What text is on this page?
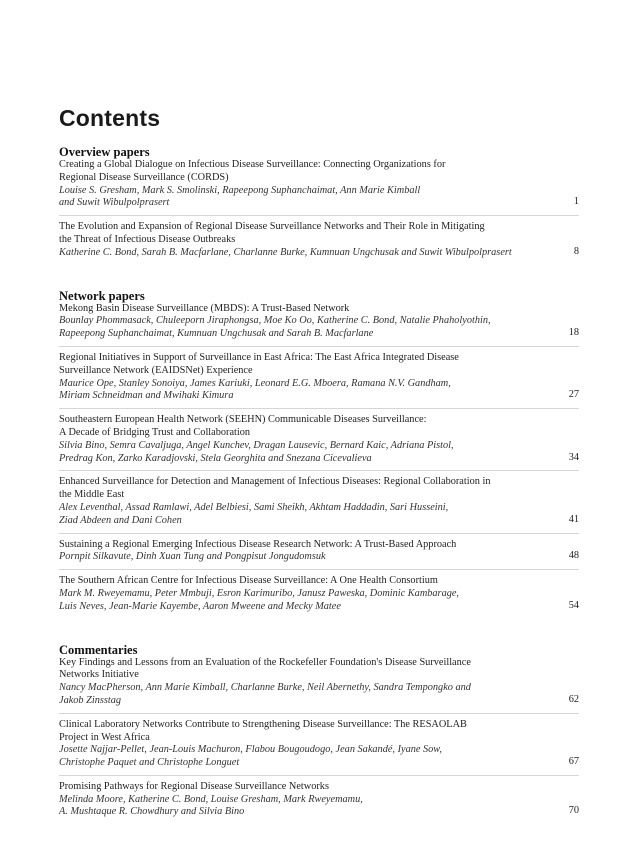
Contents
Overview papers

Creating a Global Dialogue on Infectious Disease Surveillance: Connecting Organizations for
Regional Disease Surveillance (CORDS)

Louise S. Gresham, Mark S. Smolinski, Rapeepong Suphanchaimat, Ann Marie Kimball
and Suwit Wibulpolprasert	1

The Evolution and Expansion of Regional Disease Surveillance Networks and Their Role in Mitigating
the Threat of Infectious Disease Outbreaks

Katherine C. Bond, Sarah B. Macfarlane, Charlanne Burke, Kumnuan Ungchusak and Suwit Wibulpolprasert	8
Network papers

Mekong Basin Disease Surveillance (MBDS): A Trust-Based Network

Bounlay Phommasack, Chuleeporn Jiraphongsa, Moe Ko Oo, Katherine C. Bond, Natalie Phaholyothin,
Rapeepong Suphanchaimat, Kumnuan Ungchusak and Sarah B. Macfarlane	18

Regional Initiatives in Support of Surveillance in East Africa: The East Africa Integrated Disease
Surveillance Network (EAIDSNet) Experience

Maurice Ope, Stanley Sonoiya, James Kariuki, Leonard E.G. Mboera, Ramana N.V. Gandham,
Miriam Schneidman and Mwihaki Kimura	27

Southeastern European Health Network (SEEHN) Communicable Diseases Surveillance:
A Decade of Bridging Trust and Collaboration

Silvia Bino, Semra Cavaljuga, Angel Kunchev, Dragan Lausevic, Bernard Kaic, Adriana Pistol,
Predrag Kon, Zarko Karadjovski, Stela Georghita and Snezana Cicevalieva	34

Enhanced Surveillance for Detection and Management of Infectious Diseases: Regional Collaboration in
the Middle East

Alex Leventhal, Assad Ramlawi, Adel Belbiesi, Sami Sheikh, Akhtam Haddadin, Sari Husseini,
Ziad Abdeen and Dani Cohen	41

Sustaining a Regional Emerging Infectious Disease Research Network: A Trust-Based Approach

Pornpit Silkavute, Dinh Xuan Tung and Pongpisut Jongudomsuk	48

The Southern African Centre for Infectious Disease Surveillance: A One Health Consortium

Mark M. Rweyemamu, Peter Mmbuji, Esron Karimuribo, Janusz Paweska, Dominic Kambarage,
Luis Neves, Jean-Marie Kayembe, Aaron Mweene and Mecky Matee	54
Commentaries

Key Findings and Lessons from an Evaluation of the Rockefeller Foundation's Disease Surveillance
Networks Initiative

Nancy MacPherson, Ann Marie Kimball, Charlanne Burke, Neil Abernethy, Sandra Tempongko and
Jakob Zinsstag	62

Clinical Laboratory Networks Contribute to Strengthening Disease Surveillance: The RESAOLAB
Project in West Africa

Josette Najjar-Pellet, Jean-Louis Machuron, Flabou Bougoudogo, Jean Sakandé, Iyane Sow,
Christophe Paquet and Christophe Longuet	67

Promising Pathways for Regional Disease Surveillance Networks

Melinda Moore, Katherine C. Bond, Louise Gresham, Mark Rweyemamu,
A. Mushtaque R. Chowdhury and Silvia Bino	70
